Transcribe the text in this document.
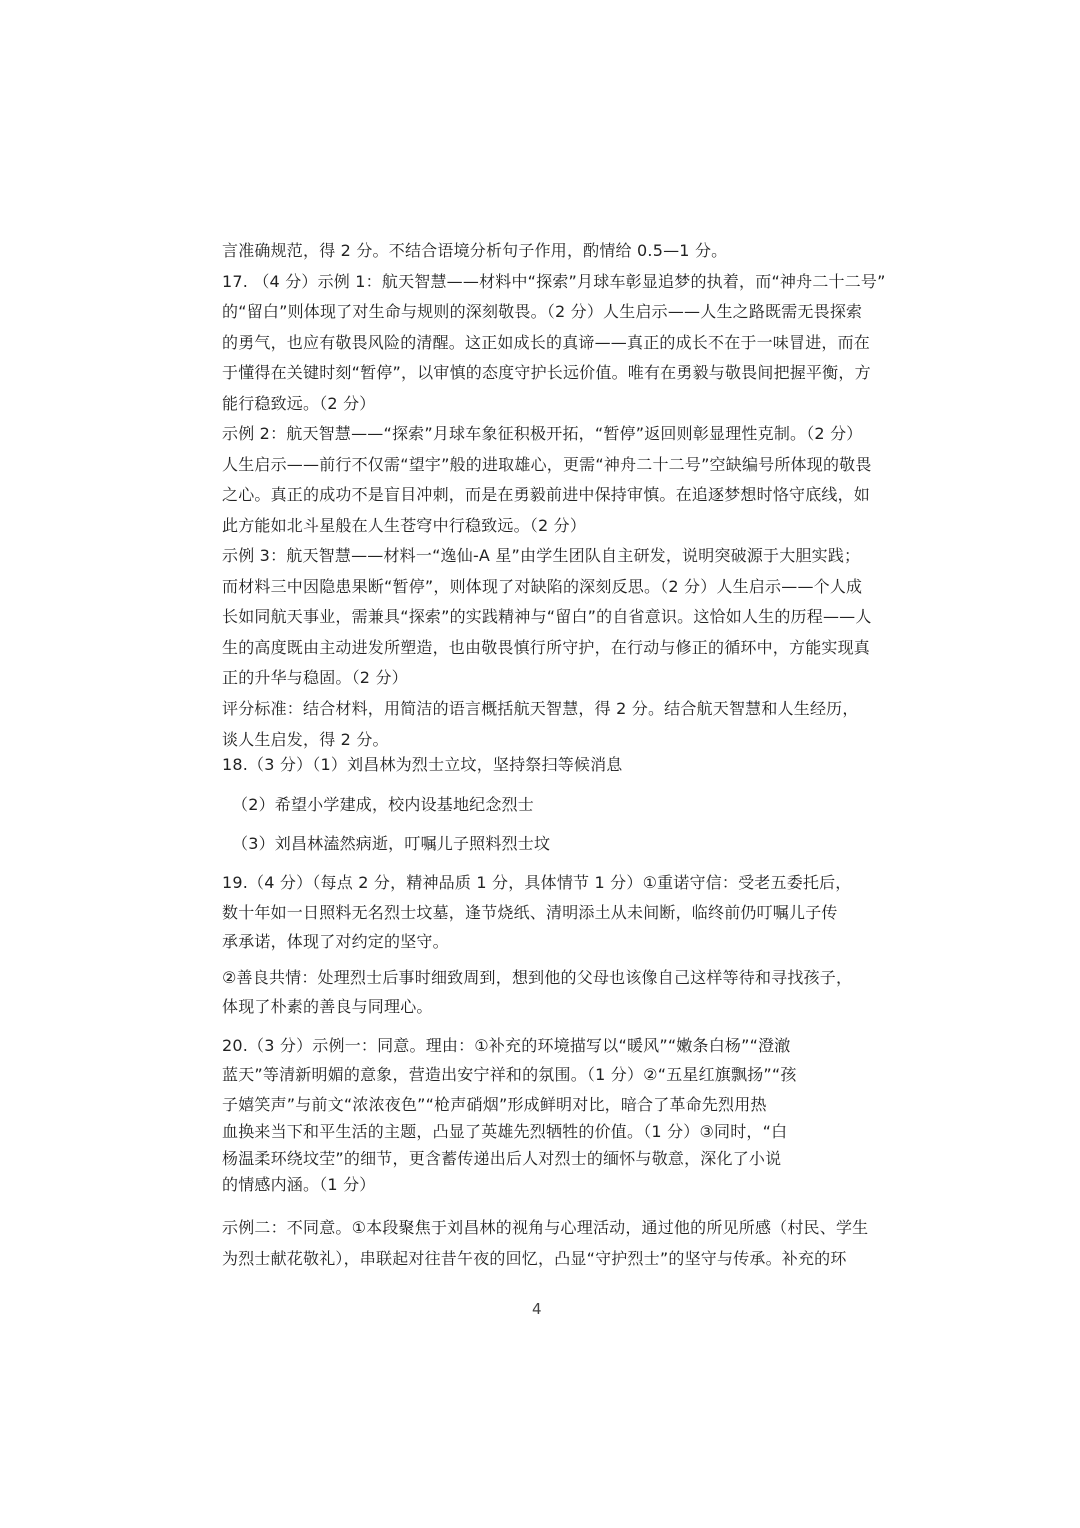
言准确规范，得 2 分。不结合语境分析句子作用，酌情给 0.5—1 分。
17. （4 分）示例 1：航天智慧——材料中“探索”月球车彰显追梦的执着，而“神舟二十二号”
的“留白”则体现了对生命与规则的深刻敬畏。（2 分）人生启示——人生之路既需无畏探索
的勇气，也应有敬畏风险的清醒。这正如成长的真谛——真正的成长不在于一味冒进，而在
于懂得在关键时刻“暂停”，以审慎的态度守护长远价值。唯有在勇毅与敬畏间把握平衡，方
能行稳致远。（2 分）
示例 2：航天智慧——“探索”月球车象征积极开拓，“暂停”返回则彰显理性克制。（2 分）
人生启示——前行不仅需“望宇”般的进取雄心，更需“神舟二十二号”空缺编号所体现的敬畏
之心。真正的成功不是盲目冲刺，而是在勇毅前进中保持审慎。在追逐梦想时恪守底线，如
此方能如北斗星般在人生苍穹中行稳致远。（2 分）
示例 3：航天智慧——材料一“逸仙-A 星”由学生团队自主研发，说明突破源于大胆实践；
而材料三中因隐患果断“暂停”，则体现了对缺陷的深刻反思。（2 分）人生启示——个人成
长如同航天事业，需兼具“探索”的实践精神与“留白”的自省意识。这恰如人生的历程——人
生的高度既由主动进发所塑造，也由敬畏慎行所守护，在行动与修正的循环中，方能实现真
正的升华与稳固。（2 分）
评分标准：结合材料，用简洁的语言概括航天智慧，得 2 分。结合航天智慧和人生经历，
谈人生启发，得 2 分。
18.（3 分）（1）刘昌林为烈士立坟，坚持祭扫等候消息
（2）希望小学建成，校内设基地纪念烈士
（3）刘昌林溘然病逝，叮嘱儿子照料烈士坟
19.（4 分）（每点 2 分，精神品质 1 分，具体情节 1 分）①重诺守信：受老五委托后，
数十年如一日照料无名烈士坟墓，逢节烧纸、清明添土从未间断，临终前仍叮嘱儿子传
承承诺，体现了对约定的坚守。
②善良共情：处理烈士后事时细致周到，想到他的父母也该像自己这样等待和寻找孩子，
体现了朴素的善良与同理心。
20.（3 分）示例一：同意。理由：①补充的环境描写以“暖风”“嫩条白杨”“澄澈
蓝天”等清新明媚的意象，营造出安宁祥和的氛围。（1 分）②“五星红旗飘扬”“孩
子嬉笑声”与前文“浓浓夜色”“枪声硝烟”形成鲜明对比，暗合了革命先烈用热
血换来当下和平生活的主题，凸显了英雄先烈牺牲的价值。（1 分）③同时，“白
杨温柔环绕坟茔”的细节，更含蓄传递出后人对烈士的缅怀与敬意，深化了小说
的情感内涵。（1 分）
示例二：不同意。①本段聚焦于刘昌林的视角与心理活动，通过他的所见所感（村民、学生
为烈士献花敬礼），串联起对往昔午夜的回忆，凸显“守护烈士”的坚守与传承。补充的环
4
